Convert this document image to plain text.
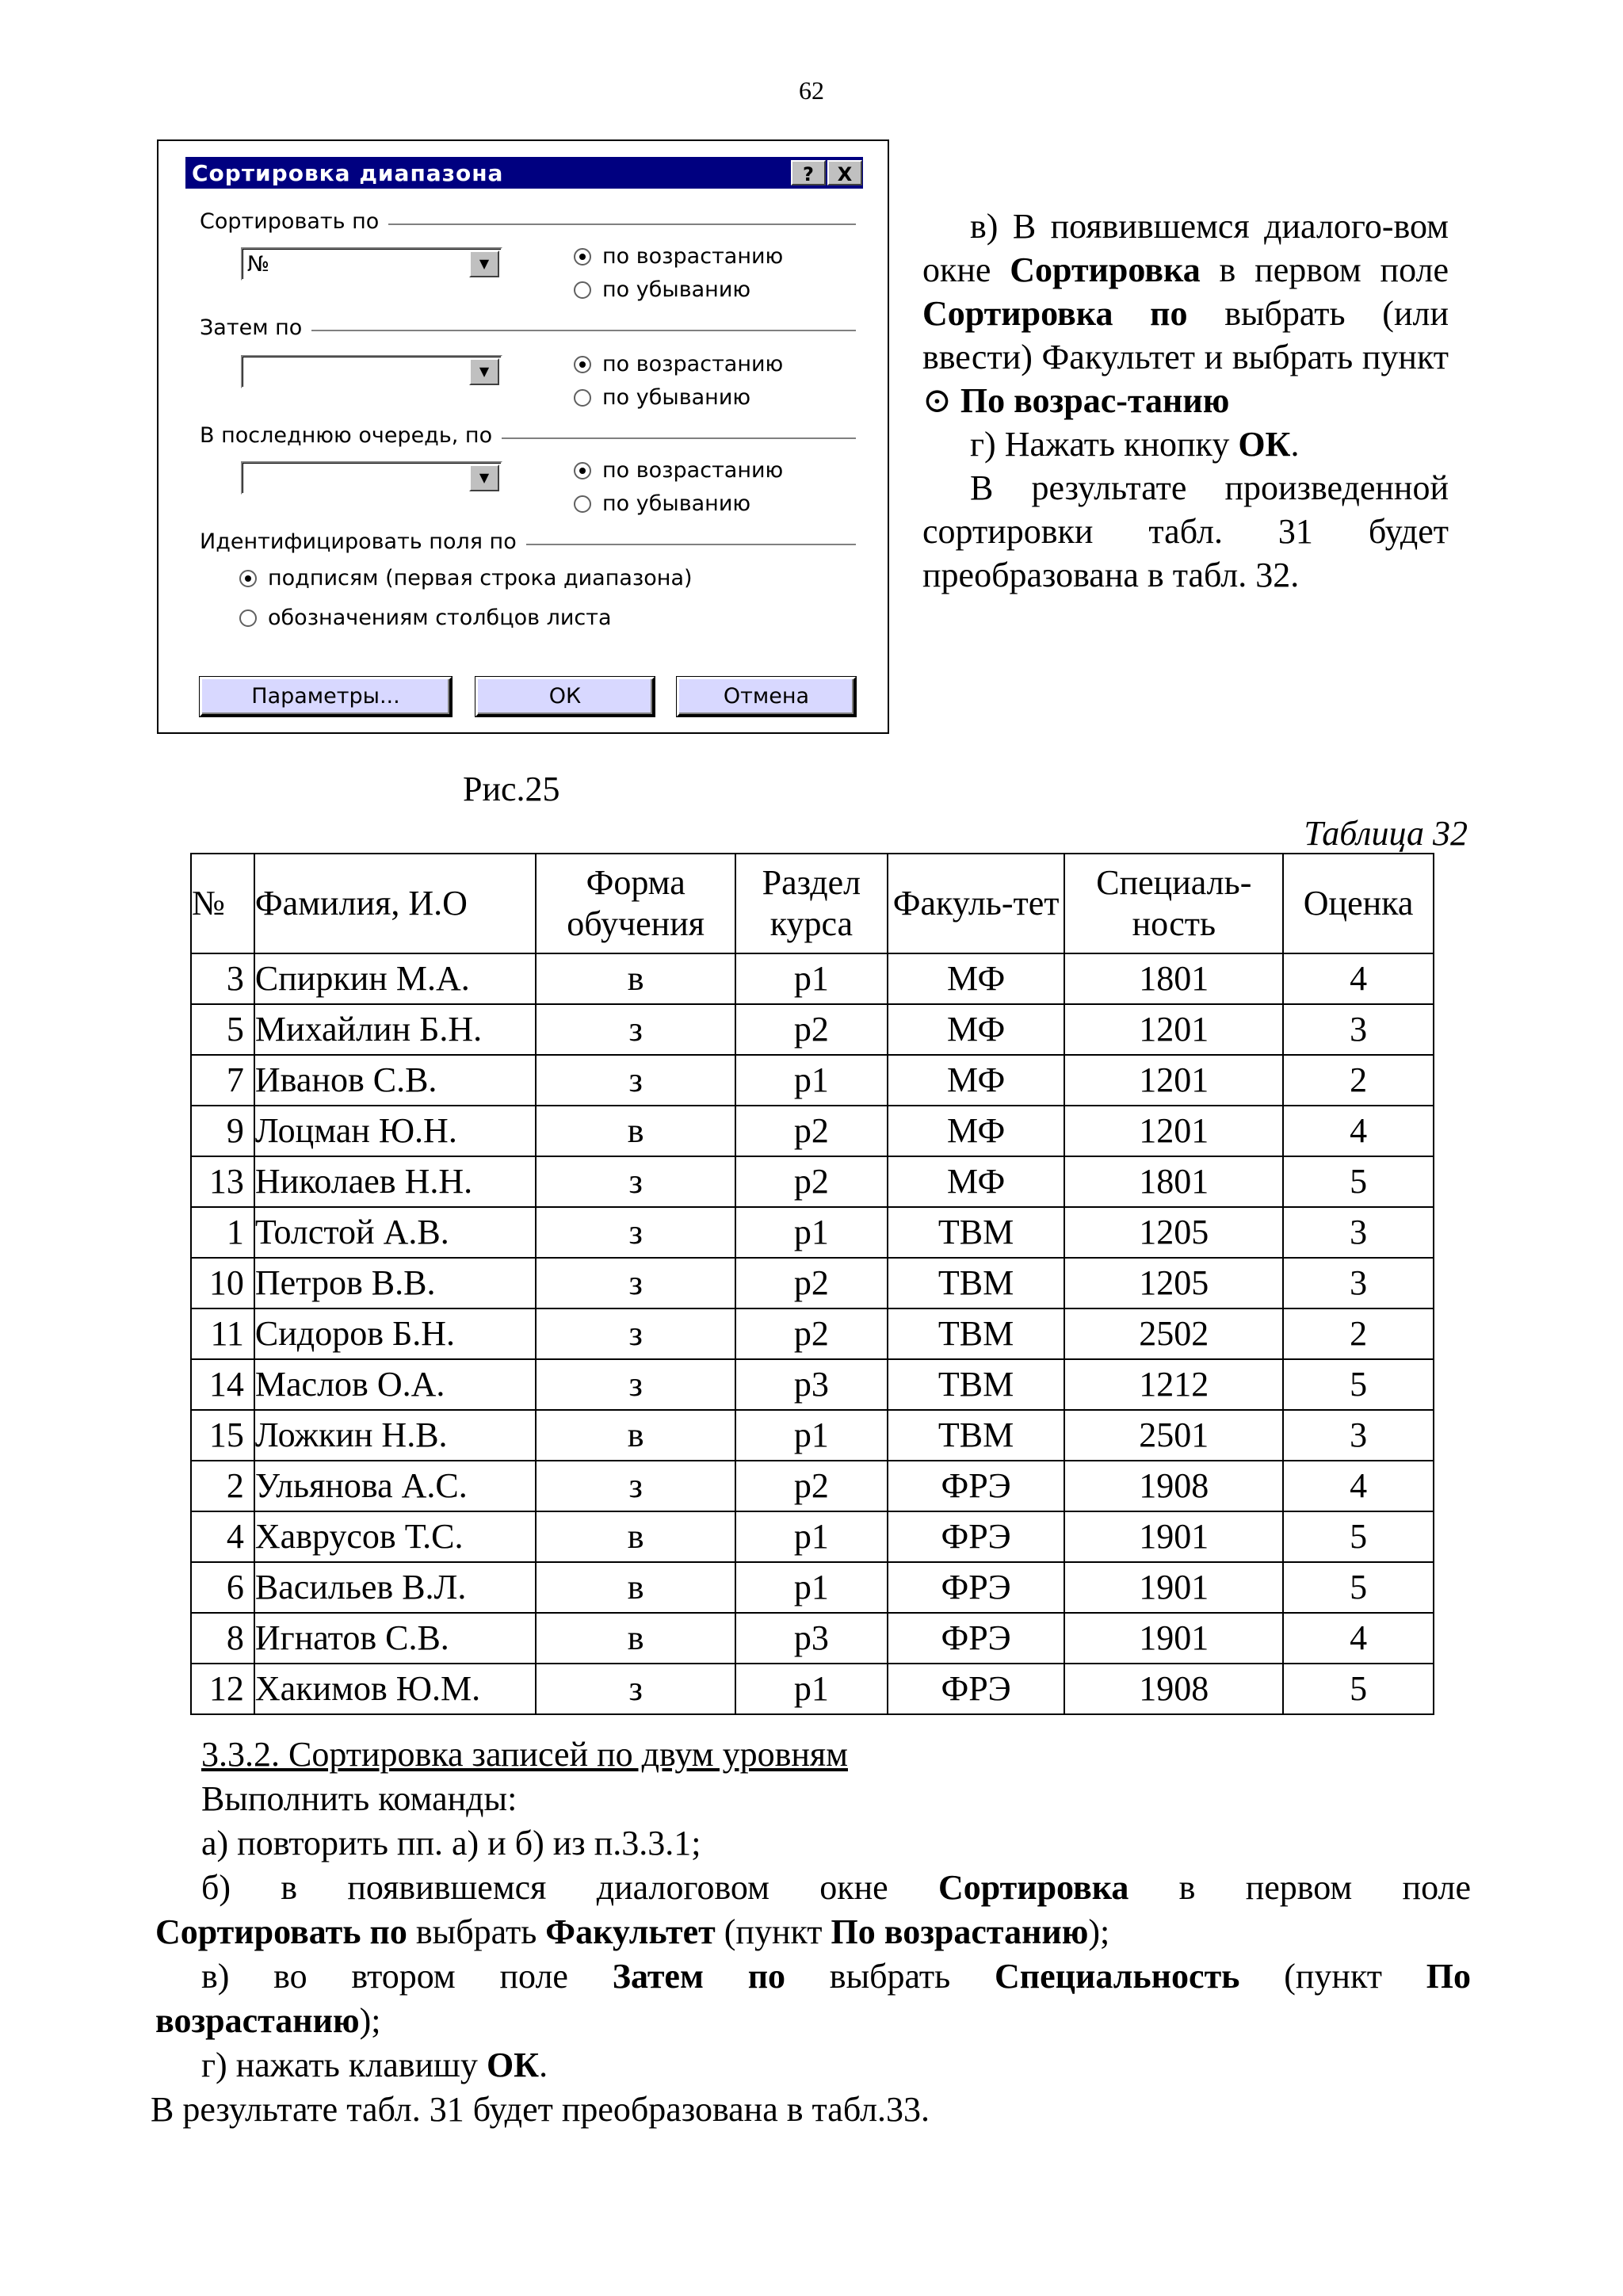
62
Сортировка диапазона	?	X
Сортировать по
№	▼	по возрастанию
по убыванию
Затем по
▼	по возрастанию
по убыванию
В последнюю очередь, по
▼	по возрастанию
по убыванию
Идентифицировать поля по
подписям (первая строка диапазона)
обозначениям столбцов листа
Параметры...	ОК	Отмена

в) В появившемся диалого-вом окне Сортировка в первом поле Сортировка по выбрать (или ввести) Факультет и выбрать пункт ⊙ По возрас-танию

г) Нажать кнопку ОК.

В результате произведенной сортировки табл. 31 будет преобразована в табл. 32.

Рис.25
Таблица 32
№	Фамилия, И.О	Форма обучения	Раздел курса	Факуль-тет	Специаль-ность	Оценка
3	Спиркин М.А.	в	р1	МФ	1801	4
5	Михайлин Б.Н.	з	р2	МФ	1201	3
7	Иванов С.В.	з	р1	МФ	1201	2
9	Лоцман Ю.Н.	в	р2	МФ	1201	4
13	Николаев Н.Н.	з	р2	МФ	1801	5
1	Толстой А.В.	з	р1	ТВМ	1205	3
10	Петров В.В.	з	р2	ТВМ	1205	3
11	Сидоров Б.Н.	з	р2	ТВМ	2502	2
14	Маслов О.А.	з	р3	ТВМ	1212	5
15	Ложкин Н.В.	в	р1	ТВМ	2501	3
2	Ульянова А.С.	з	р2	ФРЭ	1908	4
4	Хаврусов Т.С.	в	р1	ФРЭ	1901	5
6	Васильев В.Л.	в	р1	ФРЭ	1901	5
8	Игнатов С.В.	в	р3	ФРЭ	1901	4
12	Хакимов Ю.М.	з	р1	ФРЭ	1908	5

3.3.2. Сортировка записей по двум уровням

Выполнить команды:

а) повторить пп. а) и б) из п.3.3.1;

б) в появившемся диалоговом окне Сортировка в первом поле

Сортировать по выбрать Факультет (пункт По возрастанию);

в) во втором поле Затем по выбрать Специальность (пункт По

возрастанию);

г) нажать клавишу ОК.

В результате табл. 31 будет преобразована в табл.33.
